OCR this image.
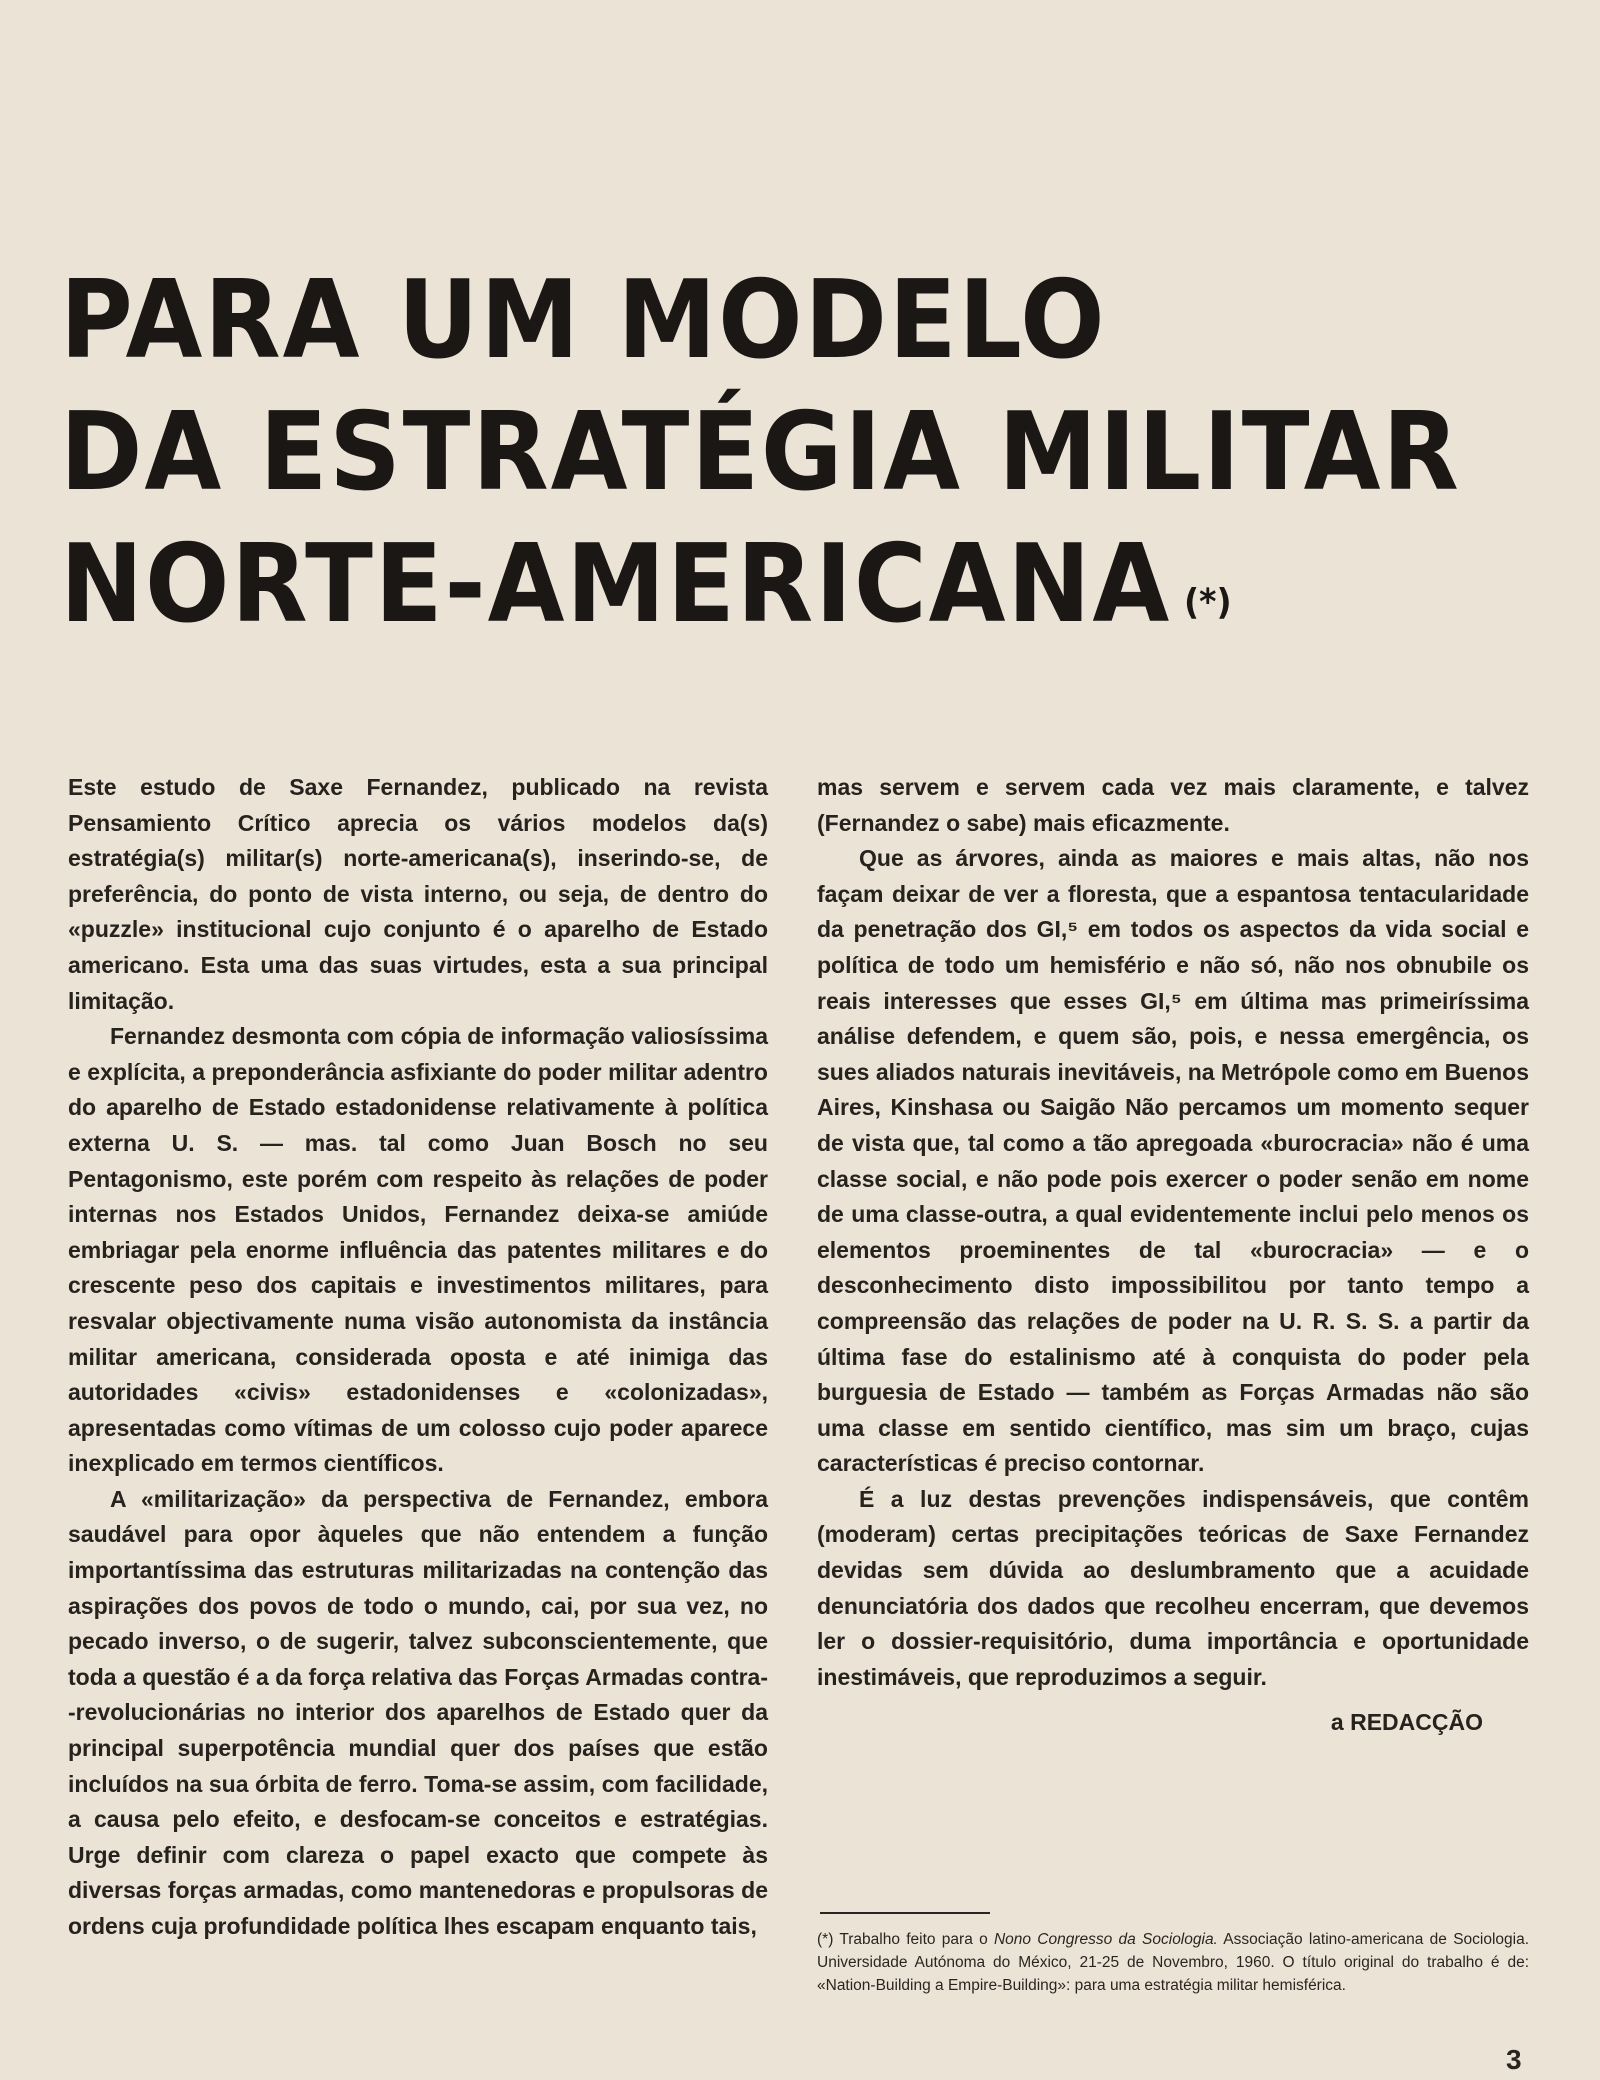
PARA UM MODELO
DA ESTRATÉGIA MILITAR
NORTE-AMERICANA (*)

Este estudo de Saxe Fernandez, publicado na revista Pensamiento Crítico aprecia os vários modelos da(s) estratégia(s) militar(s) norte-americana(s), inserindo-se, de preferência, do ponto de vista interno, ou seja, de dentro do «puzzle» institucional cujo conjunto é o aparelho de Estado americano. Esta uma das suas virtudes, esta a sua principal limitação.

Fernandez desmonta com cópia de informação valiosíssima e explícita, a preponderância asfixiante do poder militar adentro do aparelho de Estado estadonidense relativamente à política externa U. S. — mas. tal como Juan Bosch no seu Pentagonismo, este porém com respeito às relações de poder internas nos Estados Unidos, Fernandez deixa-se amiúde embriagar pela enorme influência das patentes militares e do crescente peso dos capitais e investimentos militares, para resvalar objectivamente numa visão autonomista da instância militar americana, considerada oposta e até inimiga das autoridades «civis» estadonidenses e «colonizadas», apresentadas como vítimas de um colosso cujo poder aparece inexplicado em termos científicos.

A «militarização» da perspectiva de Fernandez, embora saudável para opor àqueles que não entendem a função importantíssima das estruturas militarizadas na contenção das aspirações dos povos de todo o mundo, cai, por sua vez, no pecado inverso, o de sugerir, talvez subconscientemente, que toda a questão é a da força relativa das Forças Armadas contra--revolucionárias no interior dos aparelhos de Estado quer da principal superpotência mundial quer dos países que estão incluídos na sua órbita de ferro. Toma-se assim, com facilidade, a causa pelo efeito, e desfocam-se conceitos e estratégias. Urge definir com clareza o papel exacto que compete às diversas forças armadas, como mantenedoras e propulsoras de ordens cuja profundidade política lhes escapam enquanto tais,

mas servem e servem cada vez mais claramente, e talvez (Fernandez o sabe) mais eficazmente.

Que as árvores, ainda as maiores e mais altas, não nos façam deixar de ver a floresta, que a espantosa tentacularidade da penetração dos GI,⁵ em todos os aspectos da vida social e política de todo um hemisfério e não só, não nos obnubile os reais interesses que esses GI,⁵ em última mas primeiríssima análise defendem, e quem são, pois, e nessa emergência, os sues aliados naturais inevitáveis, na Metrópole como em Buenos Aires, Kinshasa ou Saigão Não percamos um momento sequer de vista que, tal como a tão apregoada «burocracia» não é uma classe social, e não pode pois exercer o poder senão em nome de uma classe-outra, a qual evidentemente inclui pelo menos os elementos proeminentes de tal «burocracia» — e o desconhecimento disto impossibilitou por tanto tempo a compreensão das relações de poder na U. R. S. S. a partir da última fase do estalinismo até à conquista do poder pela burguesia de Estado — também as Forças Armadas não são uma classe em sentido científico, mas sim um braço, cujas características é preciso contornar.

É a luz destas prevenções indispensáveis, que contêm (moderam) certas precipitações teóricas de Saxe Fernandez devidas sem dúvida ao deslumbramento que a acuidade denunciatória dos dados que recolheu encerram, que devemos ler o dossier-requisitório, duma importância e oportunidade inestimáveis, que reproduzimos a seguir.

a REDACÇÃO

(*) Trabalho feito para o Nono Congresso da Sociologia. Associação latino-americana de Sociologia. Universidade Autónoma do México, 21-25 de Novembro, 1960. O título original do trabalho é de: «Nation-Building a Empire-Building»: para uma estratégia militar hemisférica.

3
